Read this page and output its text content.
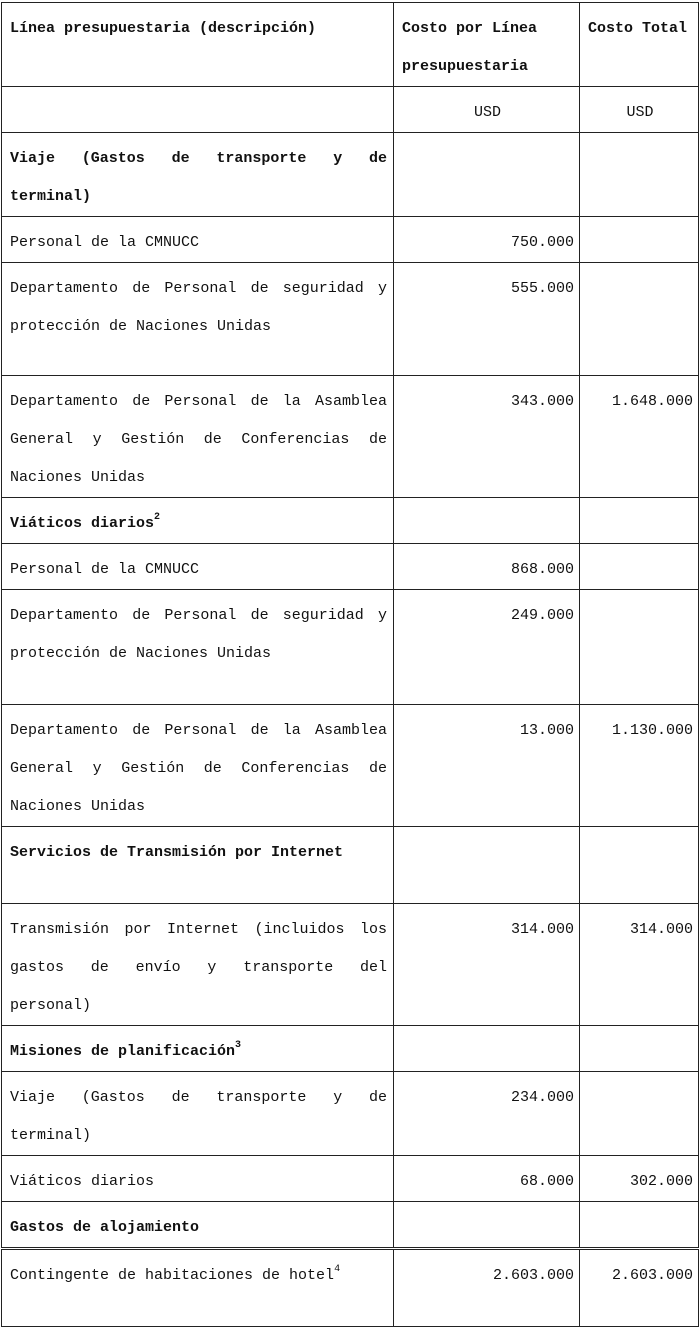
Línea presupuestaria (descripción)	Costo por Línea presupuestaria	Costo Total
	USD	USD
Viaje (Gastos de transporte y de terminal)		
Personal de la CMNUCC	750.000	
Departamento de Personal de seguridad y protección de Naciones Unidas	555.000	
Departamento de Personal de la Asamblea General y Gestión de Conferencias de Naciones Unidas	343.000	1.648.000
Viáticos diarios$^2$		
Personal de la CMNUCC	868.000	
Departamento de Personal de seguridad y protección de Naciones Unidas	249.000	
Departamento de Personal de la Asamblea General y Gestión de Conferencias de Naciones Unidas	13.000	1.130.000
Servicios de Transmisión por Internet		
Transmisión por Internet (incluidos los gastos de envío y transporte del personal)	314.000	314.000
Misiones de planificación$^3$		
Viaje (Gastos de transporte y de terminal)	234.000	
Viáticos diarios	68.000	302.000
Gastos de alojamiento		
Contingente de habitaciones de hotel$^4$	2.603.000	2.603.000
